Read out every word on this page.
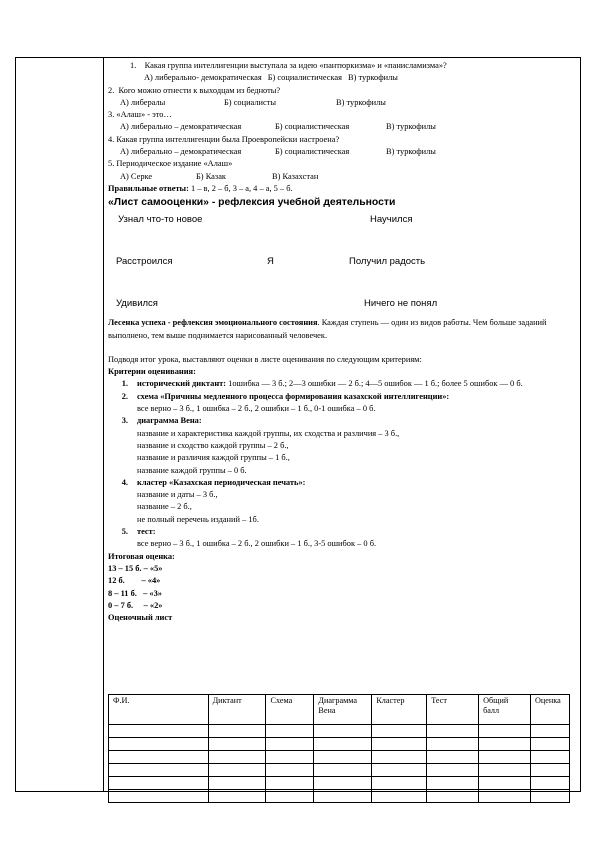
1. Какая группа интеллигенции выступала за идею «пантюркизма» и «панисламизма»?

А) либерально- демократическая Б) социалистическая В) туркофилы

2. Кого можно отнести к выходцам из бедноты?

А) либералы	Б) социалисты	В) туркофилы

3. «Алаш» - это…

А) либерально – демократическая	Б) социалистическая	В) туркофилы

4. Какая группа интеллигенции была Проевропейски настроена?

А) либерально – демократическая	Б) социалистическая	В) туркофилы

5. Периодическое издание «Алаш»

А) Серке	Б) Казак	В) Казахстан

Правильные ответы: 1 – в, 2 – б, 3 – а, 4 – а, 5 – б.

«Лист самооценки» - рефлексия учебной деятельности
Узнал что-то новое	Научился
Расстроился	Я	Получил радость
Удивился	Ничего не понял

Лесенка успеха - рефлексия эмоционального состояния. Каждая ступень — один из видов работы. Чем больше заданий выполнено, тем выше поднимается нарисованный человечек.

Подводя итог урока, выставляют оценки в листе оценивания по следующим критериям:

Критерии оценивания:

1.	исторический диктант: 1ошибка — 3 б.; 2—3 ошибки — 2 б.; 4—5 ошибок — 1 б.; более 5 ошибок — 0 б.
2.	схема «Причины медленного процесса формирования казахской интеллигенции»:
все верно – 3 б., 1 ошибка – 2 б., 2 ошибки – 1 б., 0-1 ошибка – 0 б.
3.	диаграмма Вена:
название и характеристика каждой группы, их сходства и различия – 3 б.,
название и сходство каждой группы – 2 б.,
название и различия каждой группы – 1 б.,
название каждой группы – 0 б.
4.	кластер «Казахская периодическая печать»:
название и даты – 3 б.,
название – 2 б.,
не полный перечень изданий – 1б.
5.	тест:
все верно – 3 б., 1 ошибка – 2 б., 2 ошибки – 1 б., 3-5 ошибок – 0 б.

Итоговая оценка:

13 – 15 б. – «5»

12 б.        – «4»

8 – 11 б.   – «3»

0 – 7 б.     – «2»

Оценочный лист

Ф.И.	Диктант	Схема	Диаграмма Вена	Кластер	Тест	Общий балл	Оценка
